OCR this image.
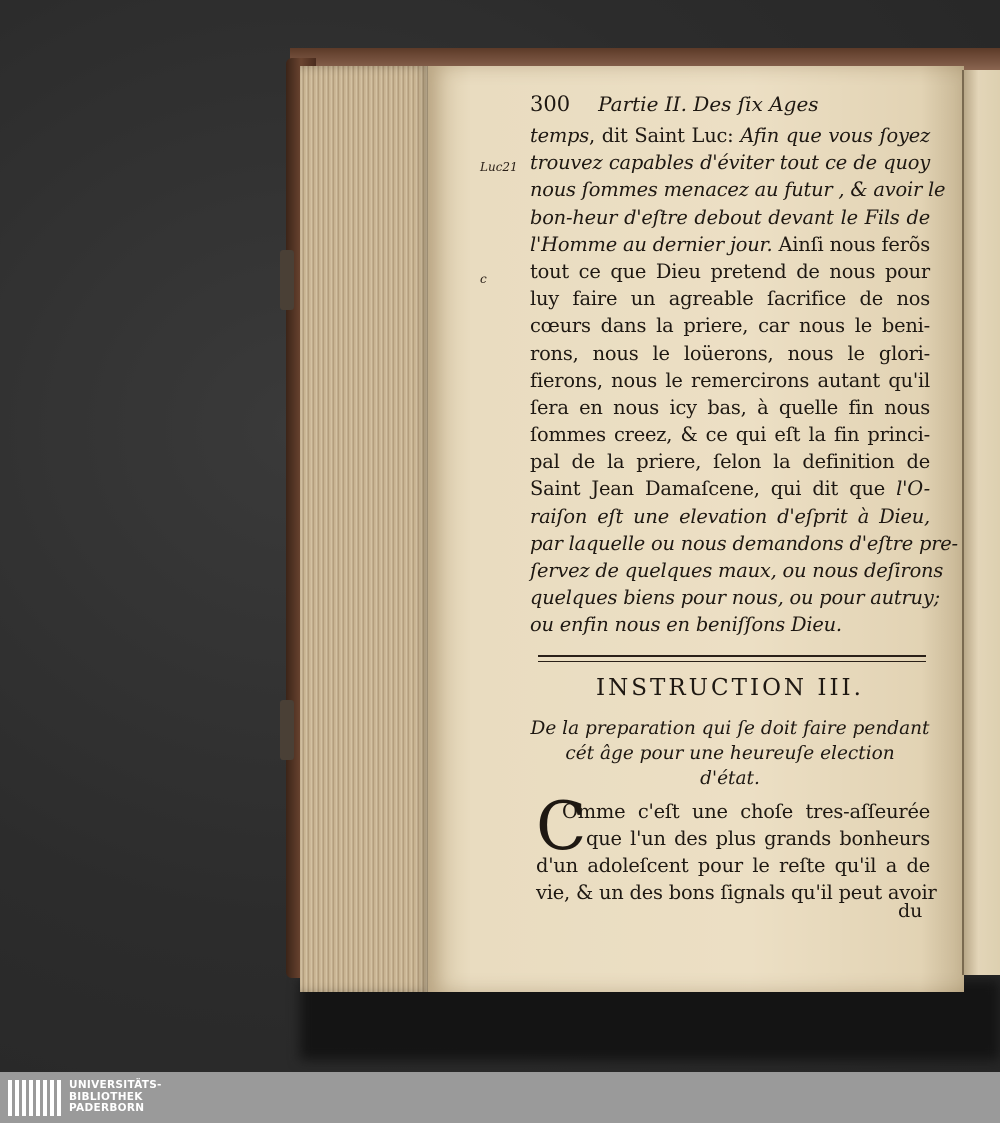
Luc21
c
300 Partie II. Des ſix Ages
temps, dit Saint Luc: Afin que vous ſoyez
trouvez capables d'éviter tout ce de quoy
nous ſommes menacez au futur , & avoir le
bon-heur d'eſtre debout devant le Fils de
l'Homme au dernier jour. Ainſi nous ferõs
tout ce que Dieu pretend de nous pour
luy faire un agreable ſacrifice de nos
cœurs dans la priere, car nous le beni-
rons, nous le loüerons, nous le glori-
fierons, nous le remercirons autant qu'il
ſera en nous icy bas, à quelle fin nous
ſommes creez, & ce qui eſt la fin princi-
pal de la priere, ſelon la definition de
Saint Jean Damaſcene, qui dit que l'O-
raiſon eſt une elevation d'eſprit à Dieu,
par laquelle ou nous demandons d'eſtre pre-
ſervez de quelques maux, ou nous deſirons
quelques biens pour nous, ou pour autruy;
ou enfin nous en beniſſons Dieu.
INSTRUCTION III.
De la preparation qui ſe doit faire pendant
cét âge pour une heureuſe election
d'état.
C
du
UNIVERSITÄTS-
BIBLIOTHEK
PADERBORN
Omme c'eſt une choſe tres-aſſeurée
que l'un des plus grands bonheurs
d'un adoleſcent pour le reſte qu'il a de
vie, & un des bons ſignals qu'il peut avoir
